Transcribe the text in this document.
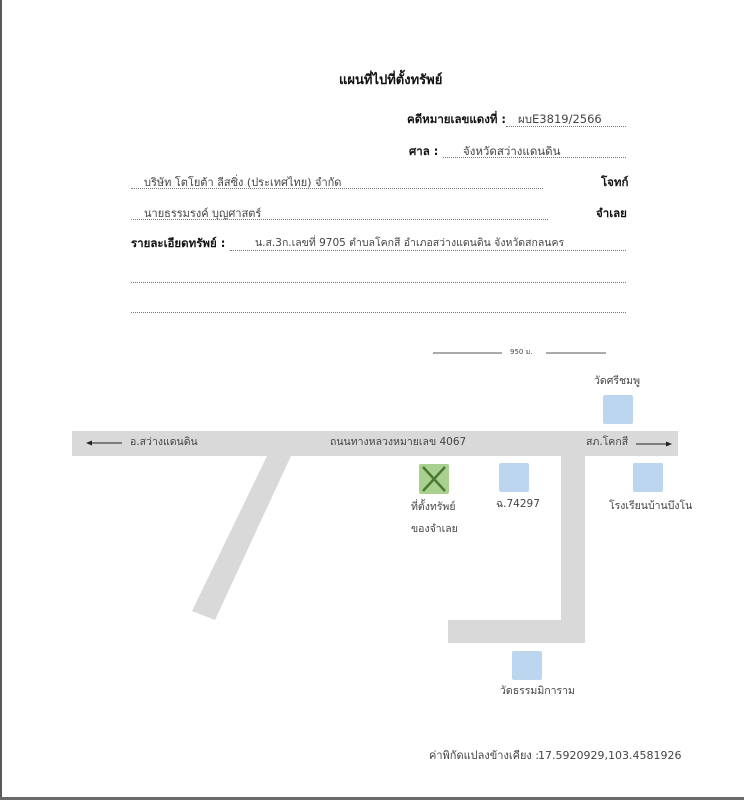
แผนที่ไปที่ตั้งทรัพย์
คดีหมายเลขแดงที่ : ผบE3819/2566
ศาล : จังหวัดสว่างแดนดิน
บริษัท โตโยต้า ลีสซิ่ง (ประเทศไทย) จำกัด	โจทก์
นายธรรมรงค์ บุญศาสตร์	จำเลย
รายละเอียดทรัพย์ :	น.ส.3ก.เลขที่ 9705 ตำบลโคกสี อำเภอสว่างแดนดิน จังหวัดสกลนคร
950 ม.
วัดศรีชมพู
อ.สว่างแดนดิน	ถนนทางหลวงหมายเลข 4067	สภ.โคกสี
ที่ตั้งทรัพย์
ของจำเลย
ฉ.74297	โรงเรียนบ้านบึงโน
วัดธรรมมิการาม
ค่าพิกัดแปลงข้างเคียง : 17.5920929,103.4581926
